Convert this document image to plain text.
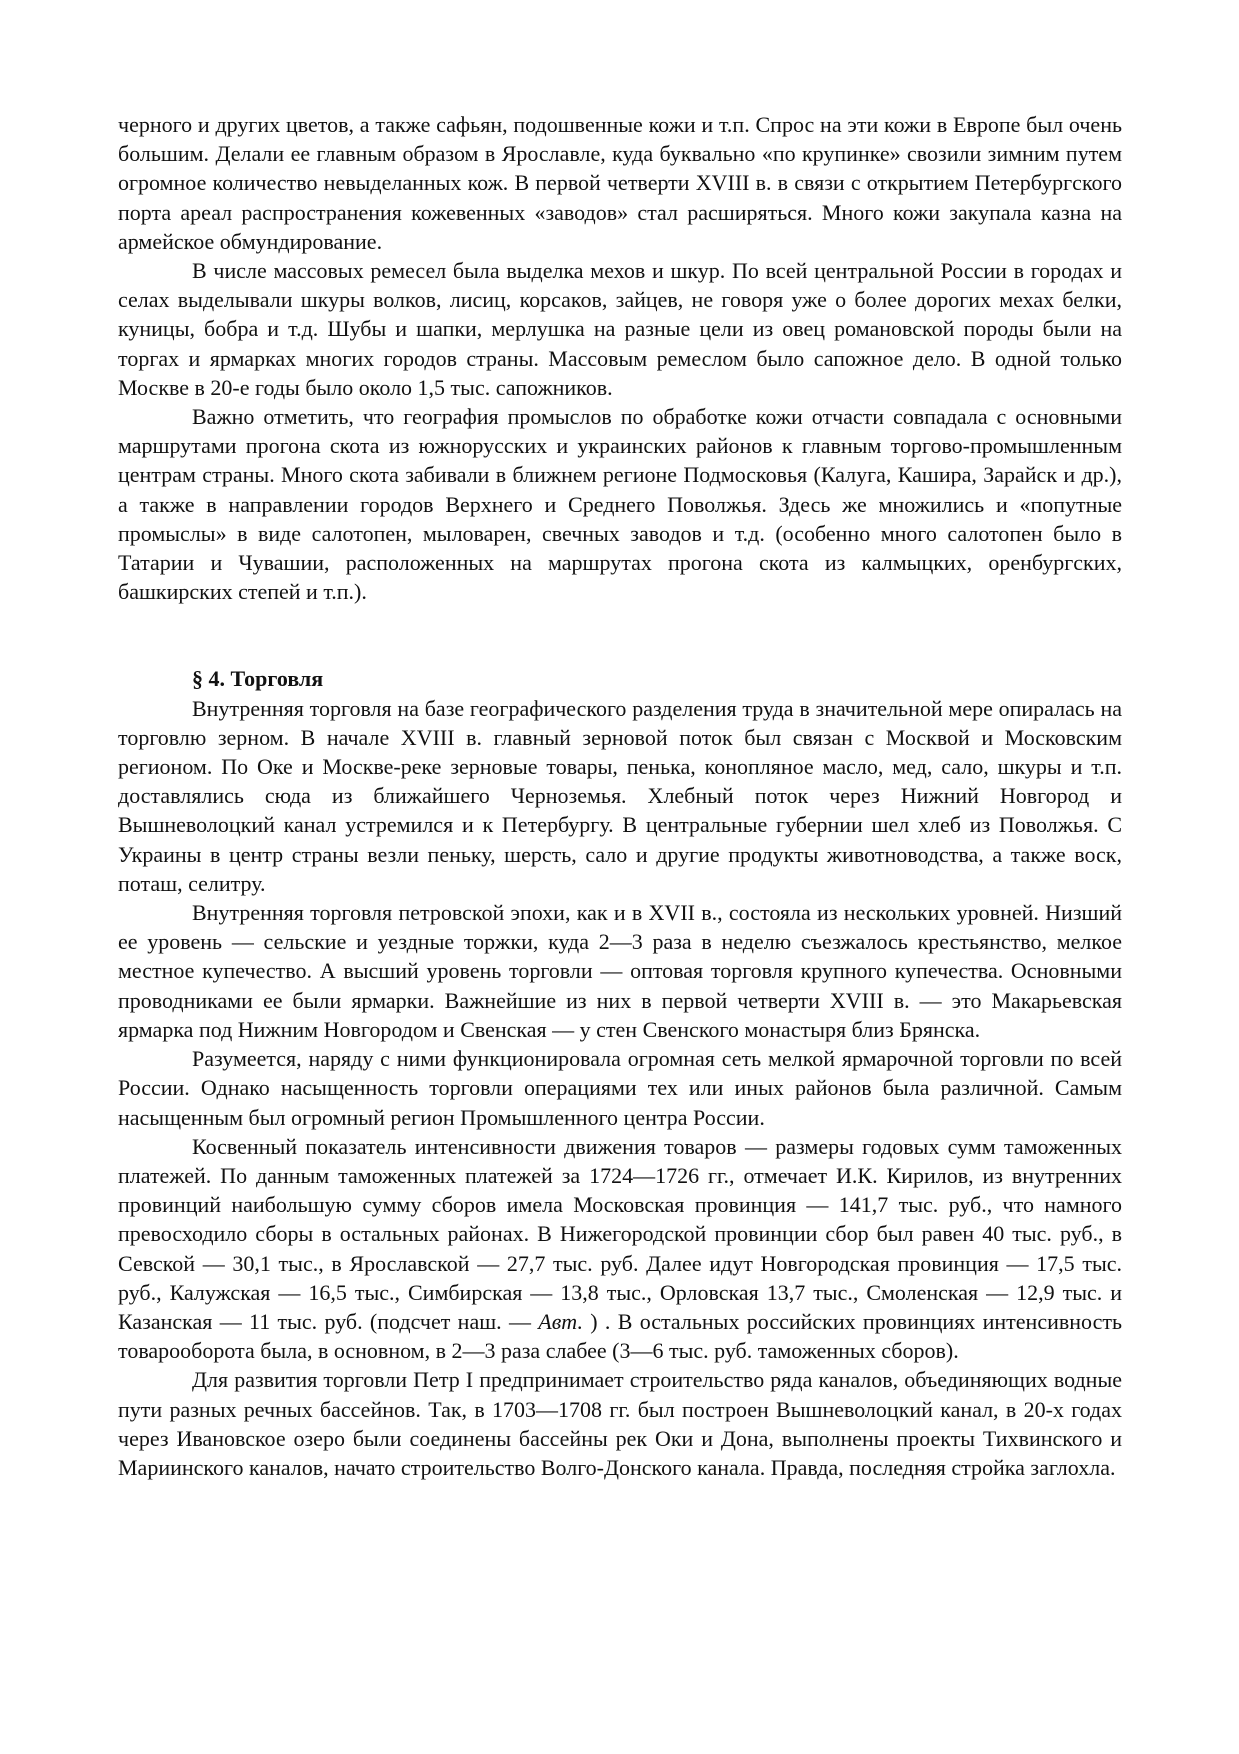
черного и других цветов, а также сафьян, подошвенные кожи и т.п. Спрос на эти кожи в Европе был очень большим. Делали ее главным образом в Ярославле, куда буквально «по крупинке» свозили зимним путем огромное количество невыделанных кож. В первой четверти XVIII в. в связи с открытием Петербургского порта ареал распространения кожевенных «заводов» стал расширяться. Много кожи закупала казна на армейское обмундирование.

В числе массовых ремесел была выделка мехов и шкур. По всей центральной России в городах и селах выделывали шкуры волков, лисиц, корсаков, зайцев, не говоря уже о более дорогих мехах белки, куницы, бобра и т.д. Шубы и шапки, мерлушка на разные цели из овец романовской породы были на торгах и ярмарках многих городов страны. Массовым ремеслом было сапожное дело. В одной только Москве в 20-е годы было около 1,5 тыс. сапожников.

Важно отметить, что география промыслов по обработке кожи отчасти совпадала с основными маршрутами прогона скота из южнорусских и украинских районов к главным торгово-промышленным центрам страны. Много скота забивали в ближнем регионе Подмосковья (Калуга, Кашира, Зарайск и др.), а также в направлении городов Верхнего и Среднего Поволжья. Здесь же множились и «попутные промыслы» в виде салотопен, мыловарен, свечных заводов и т.д. (особенно много салотопен было в Татарии и Чувашии, расположенных на маршрутах прогона скота из калмыцких, оренбургских, башкирских степей и т.п.).

§ 4. Торговля

Внутренняя торговля на базе географического разделения труда в значительной мере опиралась на торговлю зерном. В начале XVIII в. главный зерновой поток был связан с Москвой и Московским регионом. По Оке и Москве-реке зерновые товары, пенька, конопляное масло, мед, сало, шкуры и т.п. доставлялись сюда из ближайшего Черноземья. Хлебный поток через Нижний Новгород и Вышневолоцкий канал устремился и к Петербургу. В центральные губернии шел хлеб из Поволжья. С Украины в центр страны везли пеньку, шерсть, сало и другие продукты животноводства, а также воск, поташ, селитру.

Внутренняя торговля петровской эпохи, как и в XVII в., состояла из нескольких уровней. Низший ее уровень — сельские и уездные торжки, куда 2—3 раза в неделю съезжалось крестьянство, мелкое местное купечество. А высший уровень торговли — оптовая торговля крупного купечества. Основными проводниками ее были ярмарки. Важнейшие из них в первой четверти XVIII в. — это Макарьевская ярмарка под Нижним Новгородом и Свенская — у стен Свенского монастыря близ Брянска.

Разумеется, наряду с ними функционировала огромная сеть мелкой ярмарочной торговли по всей России. Однако насыщенность торговли операциями тех или иных районов была различной. Самым насыщенным был огромный регион Промышленного центра России.

Косвенный показатель интенсивности движения товаров — размеры годовых сумм таможенных платежей. По данным таможенных платежей за 1724—1726 гг., отмечает И.К. Кирилов, из внутренних провинций наибольшую сумму сборов имела Московская провинция — 141,7 тыс. руб., что намного превосходило сборы в остальных районах. В Нижегородской провинции сбор был равен 40 тыс. руб., в Севской — 30,1 тыс., в Ярославской — 27,7 тыс. руб. Далее идут Новгородская провинция — 17,5 тыс. руб., Калужская — 16,5 тыс., Симбирская — 13,8 тыс., Орловская 13,7 тыс., Смоленская — 12,9 тыс. и Казанская — 11 тыс. руб. (подсчет наш. — Авт. ) . В остальных российских провинциях интенсивность товарооборота была, в основном, в 2—3 раза слабее (3—6 тыс. руб. таможенных сборов).

Для развития торговли Петр I предпринимает строительство ряда каналов, объединяющих водные пути разных речных бассейнов. Так, в 1703—1708 гг. был построен Вышневолоцкий канал, в 20-х годах через Ивановское озеро были соединены бассейны рек Оки и Дона, выполнены проекты Тихвинского и Мариинского каналов, начато строительство Волго-Донского канала. Правда, последняя стройка заглохла.
